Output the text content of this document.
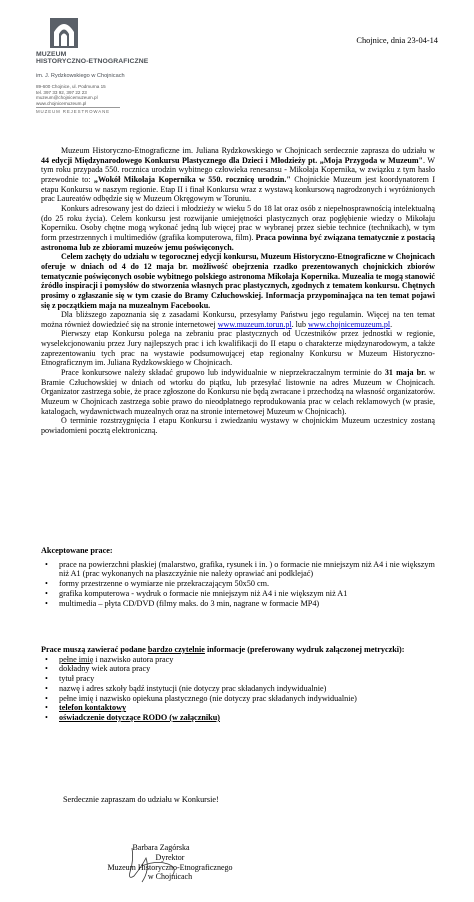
MUZEUM
HISTORYCZNO-ETNOGRAFICZNE
im. J. Rydzkowskiego w Chojnicach
89-600 Chojnice, ul. Podmurna 15
tel. 397 33 92, 397 22 23
muzeum@chojnicemuzeum.pl
www.chojnicemuzeum.pl
MUZEUM REJESTROWANE
Chojnice, dnia 23-04-14

Muzeum Historyczno-Etnograficzne im. Juliana Rydzkowskiego w Chojnicach serdecznie zaprasza do udziału w 44 edycji Międzynarodowego Konkursu Plastycznego dla Dzieci i Młodzieży pt. „Moja Przygoda w Muzeum". W tym roku przypada 550. rocznica urodzin wybitnego człowieka renesansu - Mikołaja Kopernika, w związku z tym hasło przewodnie to: „Wokół Mikołaja Kopernika w 550. rocznicę urodzin." Chojnickie Muzeum jest koordynatorem I etapu Konkursu w naszym regionie. Etap II i finał Konkursu wraz z wystawą konkursową nagrodzonych i wyróżnionych prac Laureatów odbędzie się w Muzeum Okręgowym w Toruniu.

Konkurs adresowany jest do dzieci i młodzieży w wieku 5 do 18 lat oraz osób z niepełnosprawnością intelektualną (do 25 roku życia). Celem konkursu jest rozwijanie umiejętności plastycznych oraz pogłębienie wiedzy o Mikołaju Koperniku. Osoby chętne mogą wykonać jedną lub więcej prac w wybranej przez siebie technice (technikach), w tym form przestrzennych i multimediów (grafika komputerowa, film). Praca powinna być związana tematycznie z postacią astronoma lub ze zbiorami muzeów jemu poświęconych.

Celem zachęty do udziału w tegorocznej edycji konkursu, Muzeum Historyczno-Etnograficzne w Chojnicach oferuje w dniach od 4 do 12 maja br. możliwość obejrzenia rzadko prezentowanych chojnickich zbiorów tematycznie poświęconych osobie wybitnego polskiego astronoma Mikołaja Kopernika. Muzealia te mogą stanowić źródło inspiracji i pomysłów do stworzenia własnych prac plastycznych, zgodnych z tematem konkursu. Chętnych prosimy o zgłaszanie się w tym czasie do Bramy Człuchowskiej. Informacja przypominająca na ten temat pojawi się z początkiem maja na muzealnym Facebooku.

Dla bliższego zapoznania się z zasadami Konkursu, przesyłamy Państwu jego regulamin. Więcej na ten temat można również dowiedzieć się na stronie internetowej www.muzeum.torun.pl. lub www.chojnicemuzeum.pl.

Pierwszy etap Konkursu polega na zebraniu prac plastycznych od Uczestników przez jednostki w regionie, wyselekcjonowaniu przez Jury najlepszych prac i ich kwalifikacji do II etapu o charakterze międzynarodowym, a także zaprezentowaniu tych prac na wystawie podsumowującej etap regionalny Konkursu w Muzeum Historyczno-Etnograficznym im. Juliana Rydzkowskiego w Chojnicach.

Prace konkursowe należy składać grupowo lub indywidualnie w nieprzekraczalnym terminie do 31 maja br. w Bramie Człuchowskiej w dniach od wtorku do piątku, lub przesyłać listownie na adres Muzeum w Chojnicach. Organizator zastrzega sobie, że prace zgłoszone do Konkursu nie będą zwracane i przechodzą na własność organizatorów. Muzeum w Chojnicach zastrzega sobie prawo do nieodpłatnego reprodukowania prac w celach reklamowych (w prasie, katalogach, wydawnictwach muzealnych oraz na stronie internetowej Muzeum w Chojnicach).

O terminie rozstrzygnięcia I etapu Konkursu i zwiedzaniu wystawy w chojnickim Muzeum uczestnicy zostaną powiadomieni pocztą elektroniczną.

Akceptowane prace:
• prace na powierzchni płaskiej (malarstwo, grafika, rysunek i in. ) o formacie nie mniejszym niż A4 i nie większym niż A1 (prac wykonanych na płaszczyźnie nie należy oprawiać ani podklejać)
• formy przestrzenne o wymiarze nie przekraczającym 50x50 cm.
• grafika komputerowa - wydruk o formacie nie mniejszym niż A4 i nie większym niż A1
• multimedia – płyta CD/DVD (filmy maks. do 3 min, nagrane w formacie MP4)
Prace muszą zawierać podane bardzo czytelnie informacje (preferowany wydruk załączonej metryczki):
• pełne imię i nazwisko autora pracy
• dokładny wiek autora pracy
• tytuł pracy
• nazwę i adres szkoły bądź instytucji (nie dotyczy prac składanych indywidualnie)
• pełne imię i nazwisko opiekuna plastycznego (nie dotyczy prac składanych indywidualnie)
• telefon kontaktowy
• oświadczenie dotyczące RODO (w załączniku)
Serdecznie zapraszam do udziału w Konkursie!
Barbara Zagórska
Dyrektor
Muzeum Historyczno-Etnograficznego
w Chojnicach
